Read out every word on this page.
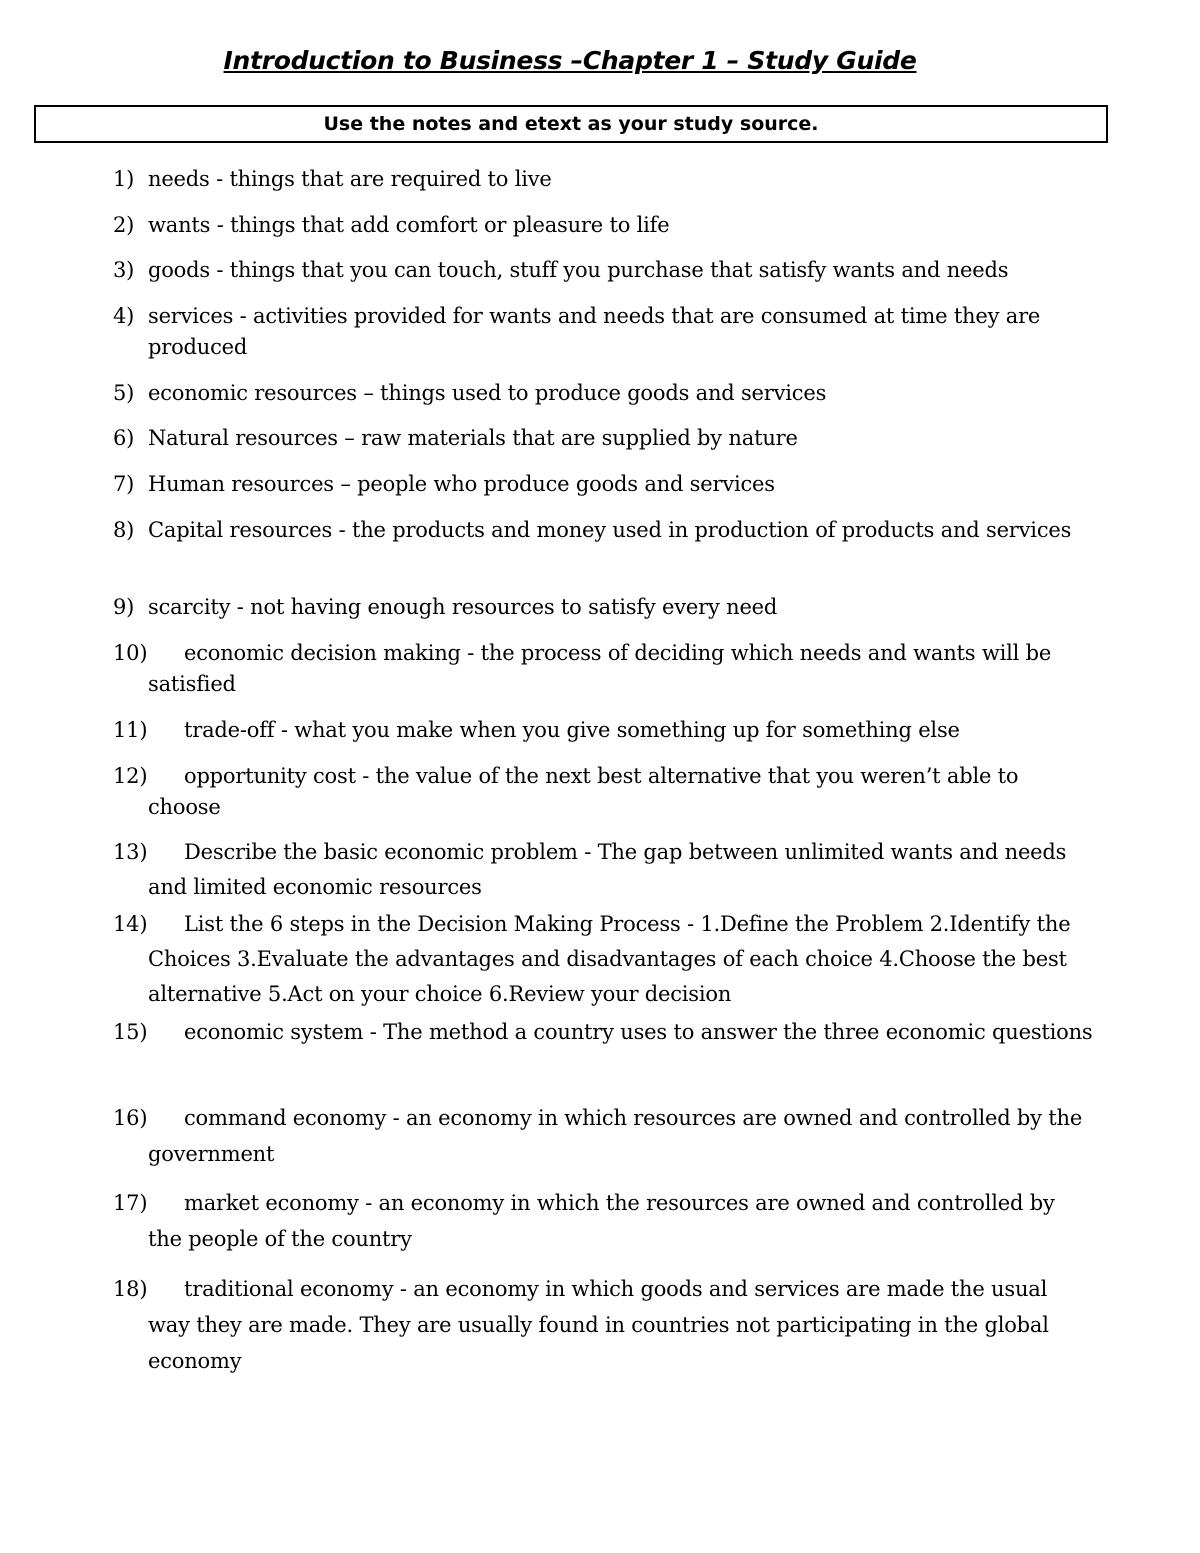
Introduction to Business –Chapter 1 – Study Guide
Use the notes and etext as your study source.
1) needs - things that are required to live
2) wants - things that add comfort or pleasure to life
3) goods - things that you can touch, stuff you purchase that satisfy wants and needs
4) services - activities provided for wants and needs that are consumed at time they are produced
5) economic resources – things used to produce goods and services
6) Natural resources – raw materials that are supplied by nature
7) Human resources – people who produce goods and services
8) Capital resources - the products and money used in production of products and services
9) scarcity - not having enough resources to satisfy every need
10)	economic decision making - the process of deciding which needs and wants will be satisfied
11)	trade-off - what you make when you give something up for something else
12)	opportunity cost - the value of the next best alternative that you weren’t able to choose
13)	Describe the basic economic problem - The gap between unlimited wants and needs and limited economic resources
14)	List the 6 steps in the Decision Making Process - 1.Define the Problem 2.Identify the Choices 3.Evaluate the advantages and disadvantages of each choice 4.Choose the best alternative 5.Act on your choice 6.Review your decision
15)	economic system - The method a country uses to answer the three economic questions
16)	command economy - an economy in which resources are owned and controlled by the government
17)	market economy - an economy in which the resources are owned and controlled by the people of the country
18)	traditional economy - an economy in which goods and services are made the usual way they are made. They are usually found in countries not participating in the global economy
